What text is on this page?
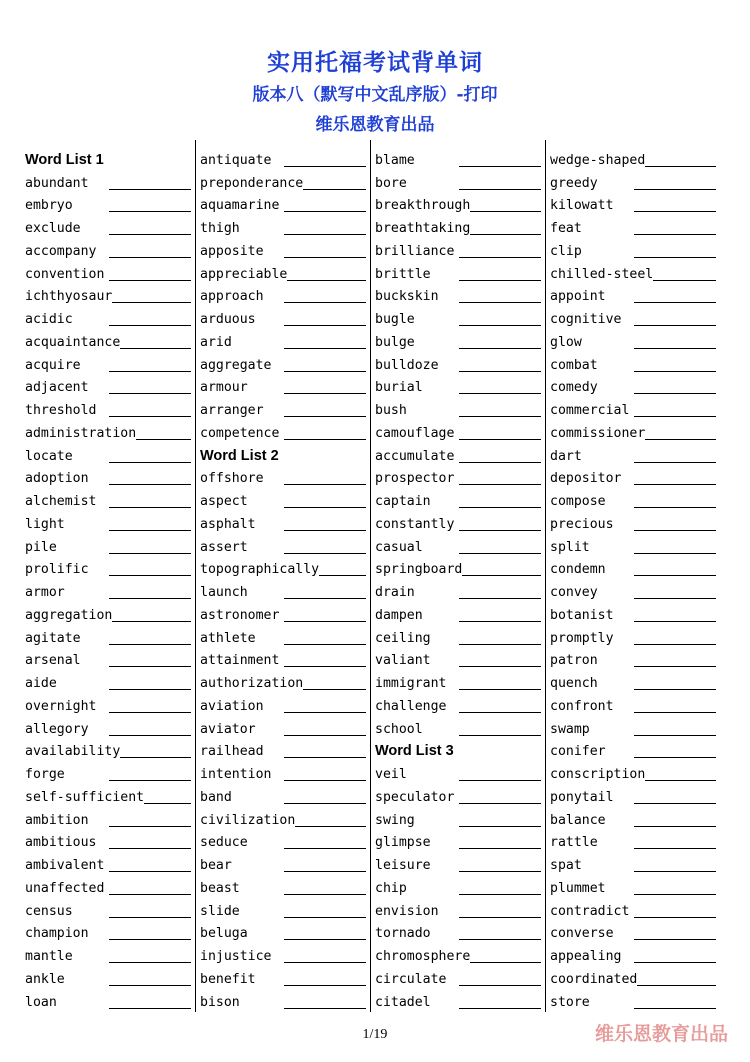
实用托福考试背单词
版本八（默写中文乱序版）-打印
维乐恩教育出品
Word List 1
abundant
embryo
exclude
accompany
convention
ichthyosaur
acidic
acquaintance
acquire
adjacent
threshold
administration
locate
adoption
alchemist
light
pile
prolific
armor
aggregation
agitate
arsenal
aide
overnight
allegory
availability
forge
self-sufficient
ambition
ambitious
ambivalent
unaffected
census
champion
mantle
ankle
loan
antiquate
preponderance
aquamarine
thigh
apposite
appreciable
approach
arduous
arid
aggregate
armour
arranger
competence
Word List 2
offshore
aspect
asphalt
assert
topographically
launch
astronomer
athlete
attainment
authorization
aviation
aviator
railhead
intention
band
civilization
seduce
bear
beast
slide
beluga
injustice
benefit
bison
blame
bore
breakthrough
breathtaking
brilliance
brittle
buckskin
bugle
bulge
bulldoze
burial
bush
camouflage
accumulate
prospector
captain
constantly
casual
springboard
drain
dampen
ceiling
valiant
immigrant
challenge
school
Word List 3
veil
speculator
swing
glimpse
leisure
chip
envision
tornado
chromosphere
circulate
citadel
wedge-shaped
greedy
kilowatt
feat
clip
chilled-steel
appoint
cognitive
glow
combat
comedy
commercial
commissioner
dart
depositor
compose
precious
split
condemn
convey
botanist
promptly
patron
quench
confront
swamp
conifer
conscription
ponytail
balance
rattle
spat
plummet
contradict
converse
appealing
coordinated
store
1/19	维乐恩教育出品
